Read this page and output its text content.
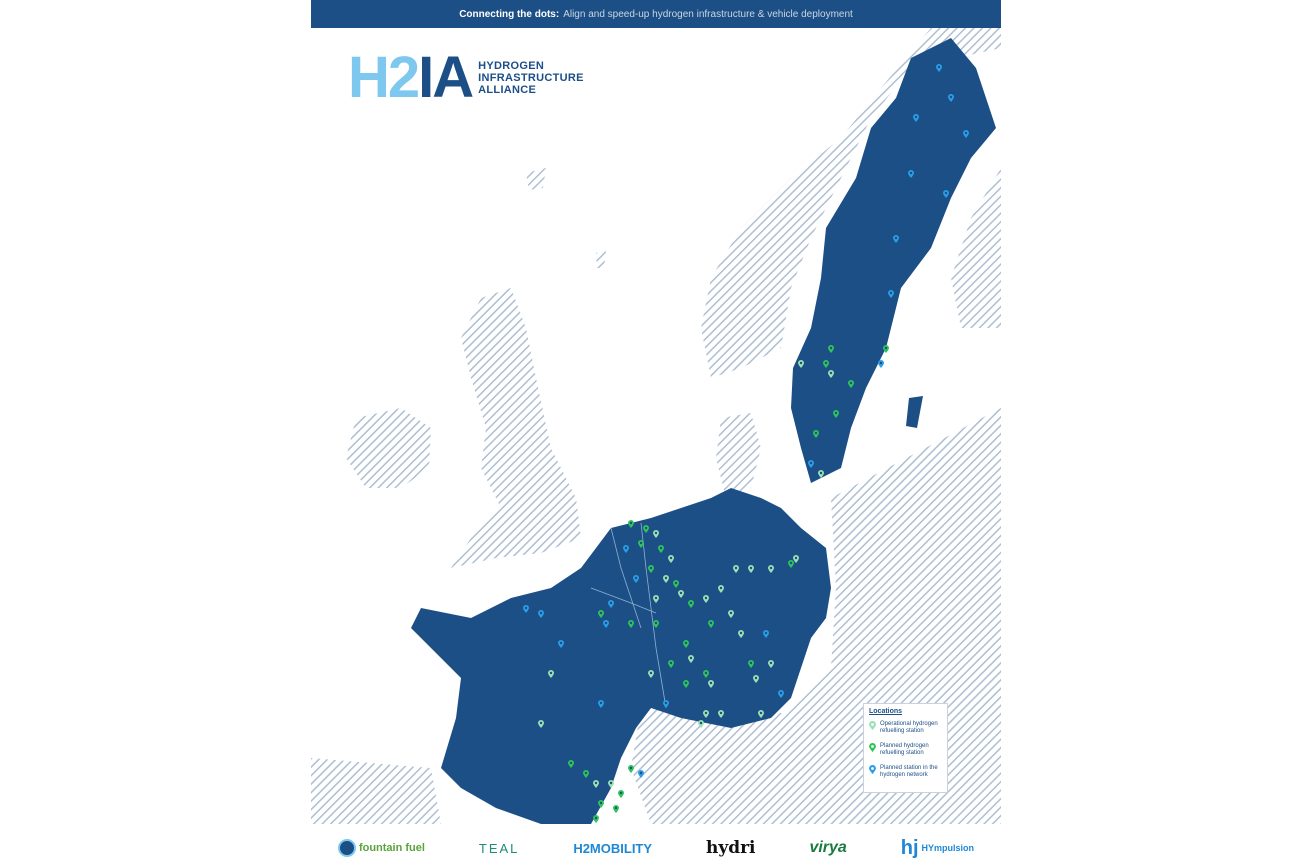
Connecting the dots: Align and speed-up hydrogen infrastructure & vehicle deployment
H2IA HYDROGEN
INFRASTRUCTURE
ALLIANCE
Locations
Operational hydrogen refuelling station
Planned hydrogen refuelling station
Planned station in the hydrogen network
fountain fuel	TEAL	H2MOBILITY	hydri	virya	hj HYmpulsion
